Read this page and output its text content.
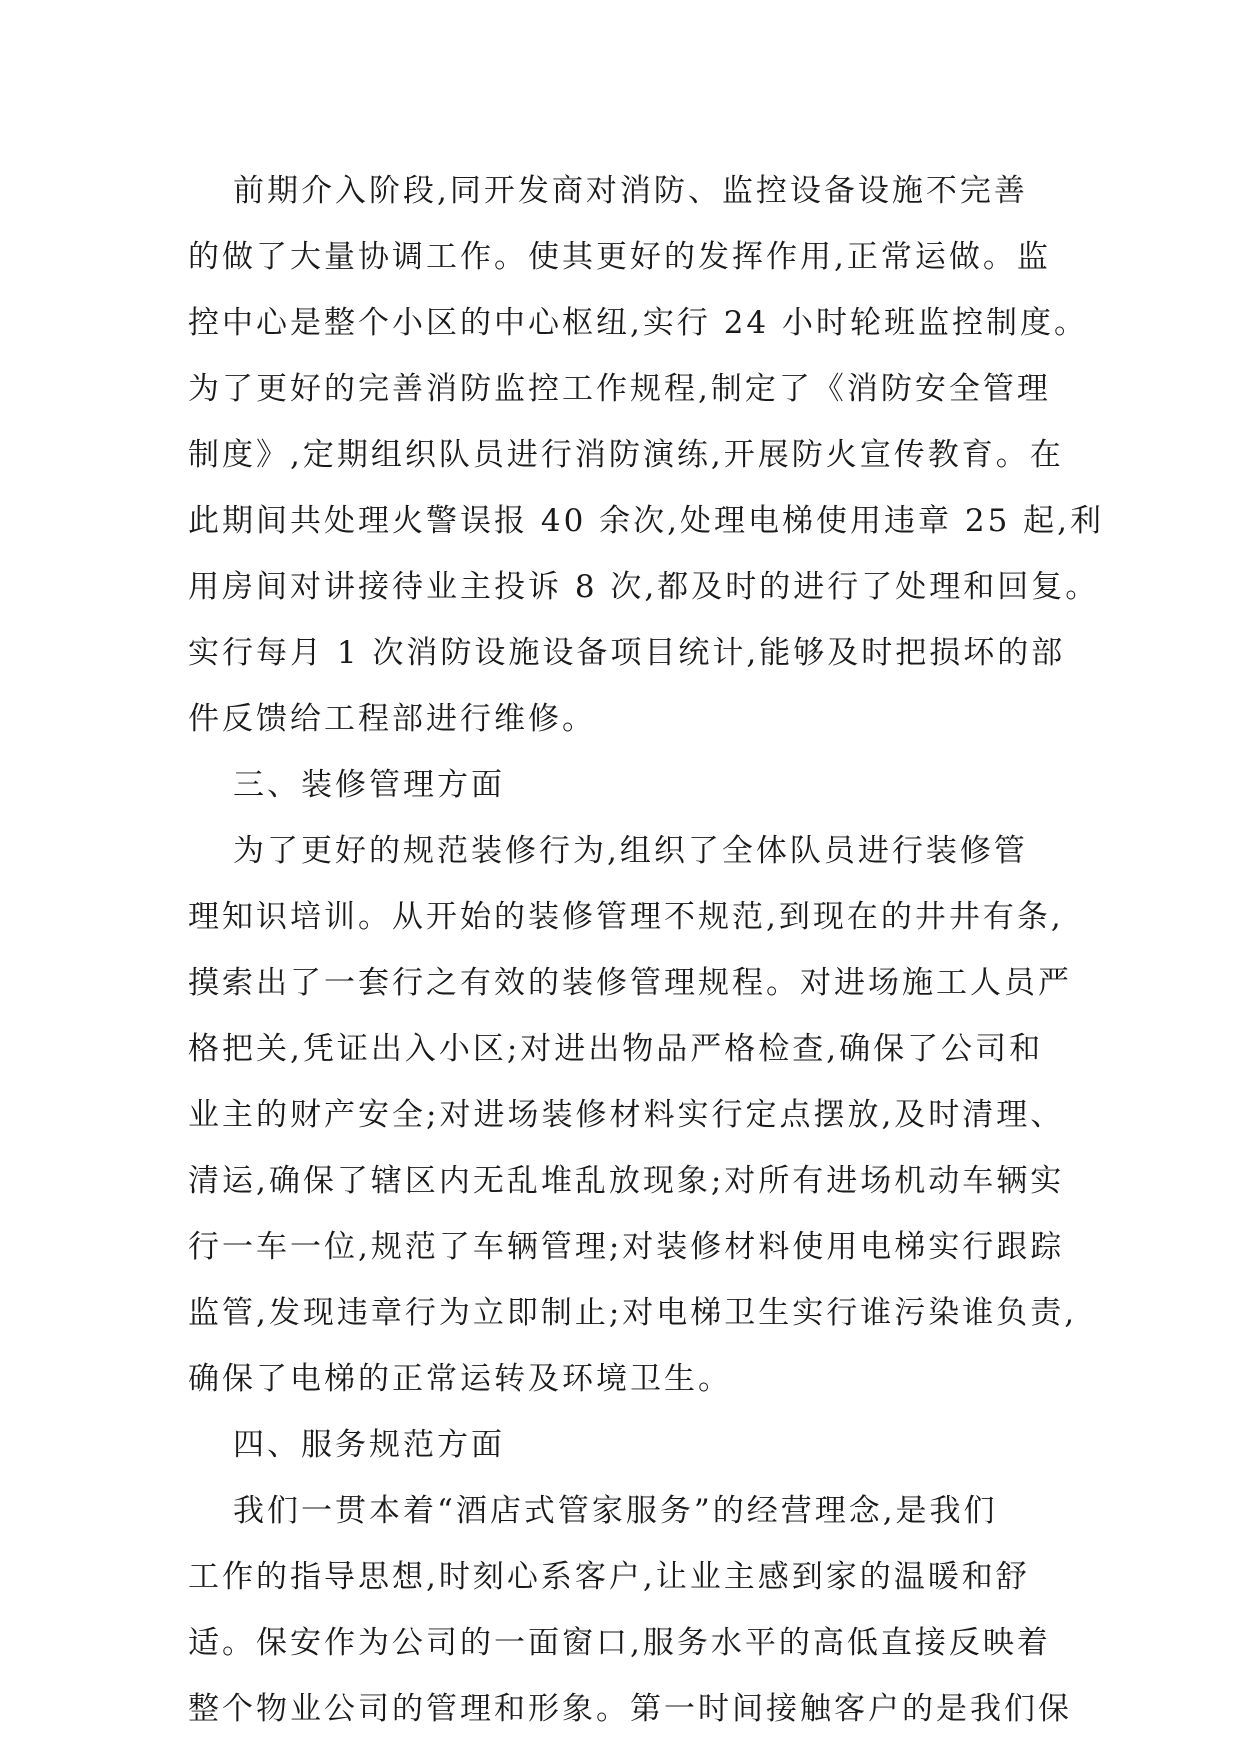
前期介入阶段,同开发商对消防、监控设备设施不完善
的做了大量协调工作。使其更好的发挥作用,正常运做。监
控中心是整个小区的中心枢纽,实行 24 小时轮班监控制度。
为了更好的完善消防监控工作规程,制定了《消防安全管理
制度》,定期组织队员进行消防演练,开展防火宣传教育。在
此期间共处理火警误报 40 余次,处理电梯使用违章 25 起,利
用房间对讲接待业主投诉 8 次,都及时的进行了处理和回复。
实行每月 1 次消防设施设备项目统计,能够及时把损坏的部
件反馈给工程部进行维修。
三、装修管理方面
为了更好的规范装修行为,组织了全体队员进行装修管
理知识培训。从开始的装修管理不规范,到现在的井井有条,
摸索出了一套行之有效的装修管理规程。对进场施工人员严
格把关,凭证出入小区;对进出物品严格检查,确保了公司和
业主的财产安全;对进场装修材料实行定点摆放,及时清理、
清运,确保了辖区内无乱堆乱放现象;对所有进场机动车辆实
行一车一位,规范了车辆管理;对装修材料使用电梯实行跟踪
监管,发现违章行为立即制止;对电梯卫生实行谁污染谁负责,
确保了电梯的正常运转及环境卫生。
四、服务规范方面
我们一贯本着“酒店式管家服务”的经营理念,是我们
工作的指导思想,时刻心系客户,让业主感到家的温暖和舒
适。保安作为公司的一面窗口,服务水平的高低直接反映着
整个物业公司的管理和形象。第一时间接触客户的是我们保
